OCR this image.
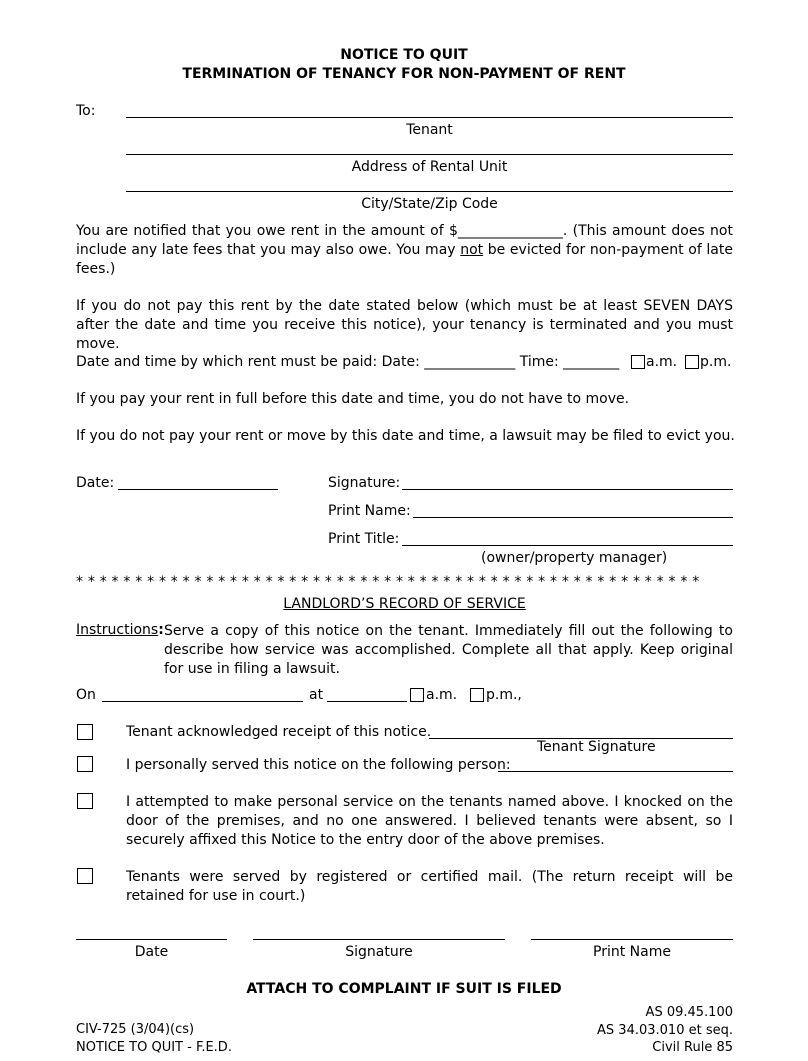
NOTICE TO QUIT
TERMINATION OF TENANCY FOR NON-PAYMENT OF RENT
To:
Tenant
Address of Rental Unit
City/State/Zip Code
You are notified that you owe rent in the amount of $_______________. (This amount does not include any late fees that you may also owe. You may not be evicted for non-payment of late fees.)
If you do not pay this rent by the date stated below (which must be at least SEVEN DAYS after the date and time you receive this notice), your tenancy is terminated and you must move.
Date and time by which rent must be paid: Date: _____________ Time: ________ a.m. p.m.
If you pay your rent in full before this date and time, you do not have to move.
If you do not pay your rent or move by this date and time, a lawsuit may be filed to evict you.
Date:	Signature:
Print Name:
Print Title:
(owner/property manager)
* * * * * * * * * * * * * * * * * * * * * * * * * * * * * * * * * * * * * * * * * * * * * * * * * * * * *
LANDLORD’S RECORD OF SERVICE
Instructions: Serve a copy of this notice on the tenant. Immediately fill out the following to
describe how service was accomplished. Complete all that apply. Keep original for use in filing a lawsuit.
On	at	a.m. p.m.,
Tenant acknowledged receipt of this notice.
Tenant Signature
I personally served this notice on the following person:
I attempted to make personal service on the tenants named above. I knocked on the door of the premises, and no one answered. I believed tenants were absent, so I securely affixed this Notice to the entry door of the above premises.
Tenants were served by registered or certified mail. (The return receipt will be retained for use in court.)
Date	Signature	Print Name
ATTACH TO COMPLAINT IF SUIT IS FILED
AS 09.45.100
AS 34.03.010 et seq.
Civil Rule 85
CIV-725 (3/04)(cs)
NOTICE TO QUIT - F.E.D.
